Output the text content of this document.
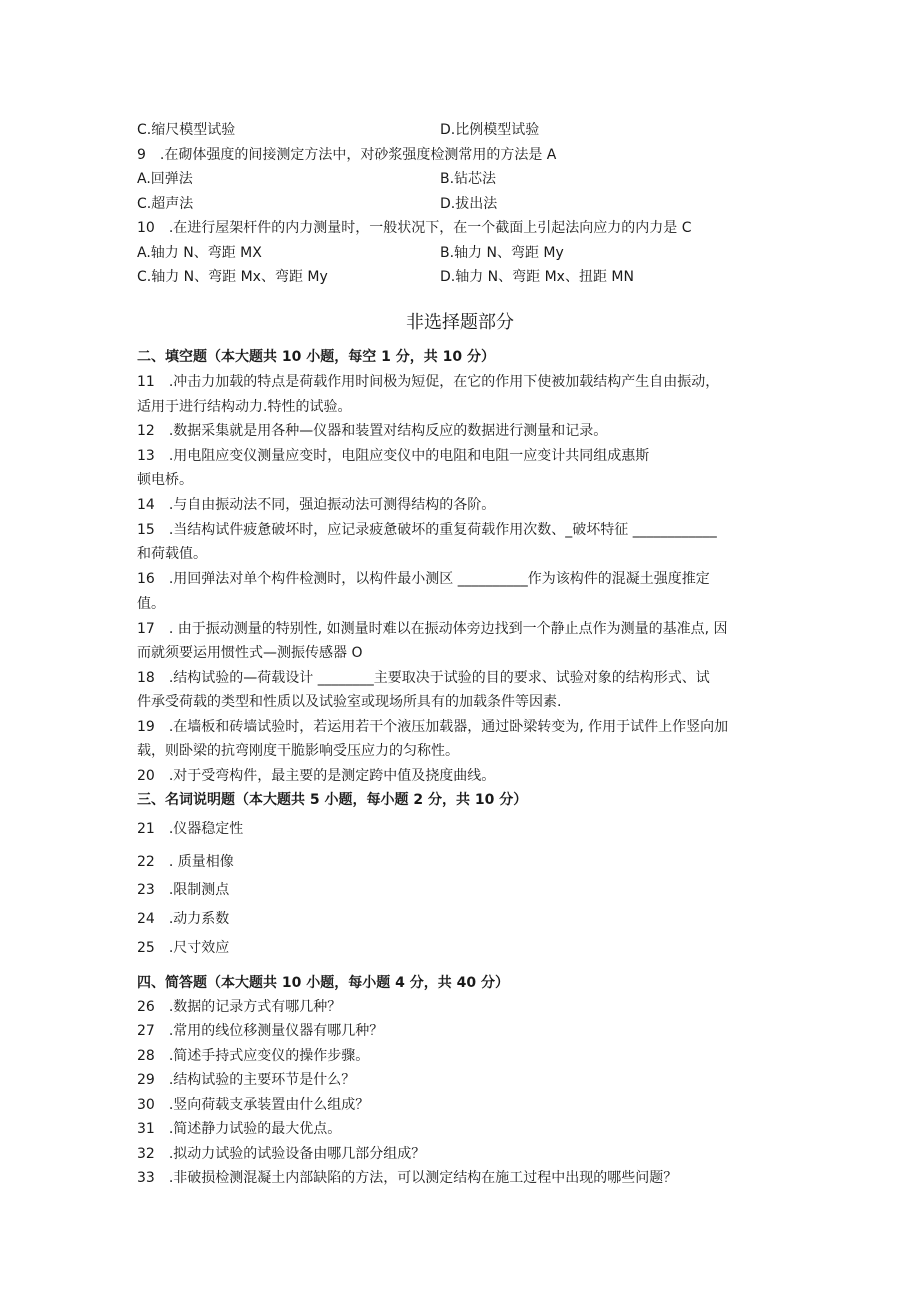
C.缩尺模型试验	D.比例模型试验
9　.在砌体强度的间接测定方法中，对砂浆强度检测常用的方法是 A
A.回弹法	B.钻芯法
C.超声法	D.拔出法
10　.在进行屋架杆件的内力测量时，一般状况下，在一个截面上引起法向应力的内力是 C
A.轴力 N、弯距 MX	B.轴力 N、弯距 My
C.轴力 N、弯距 Mx、弯距 My	D.轴力 N、弯距 Mx、扭距 MN
非选择题部分
二、填空题（本大题共 10 小题，每空 1 分，共 10 分）
11　.冲击力加载的特点是荷载作用时间极为短促，在它的作用下使被加载结构产生自由振动，
适用于进行结构动力.特性的试验。
12　.数据采集就是用各种—仪器和装置对结构反应的数据进行测量和记录。
13　.用电阻应变仪测量应变时，电阻应变仪中的电阻和电阻一应变计共同组成惠斯
顿电桥。
14　.与自由振动法不同，强迫振动法可测得结构的各阶。
15　.当结构试件疲惫破坏时，应记录疲惫破坏的重复荷载作用次数、_破坏特征 ____________
和荷载值。
16　.用回弹法对单个构件检测时，以构件最小测区 __________作为该构件的混凝土强度推定
值。
17　. 由于振动测量的特别性, 如测量时难以在振动体旁边找到一个静止点作为测量的基准点, 因
而就须要运用惯性式—测振传感器 O
18　.结构试验的—荷载设计 ________主要取决于试验的目的要求、试验对象的结构形式、试
件承受荷载的类型和性质以及试验室或现场所具有的加载条件等因素.
19　.在墙板和砖墙试验时，若运用若干个液压加载器，通过卧梁转变为, 作用于试件上作竖向加
载，则卧梁的抗弯刚度干脆影响受压应力的匀称性。
20　.对于受弯构件，最主要的是测定跨中值及挠度曲线。
三、名词说明题（本大题共 5 小题，每小题 2 分，共 10 分）
21　.仪器稳定性
22　. 质量相像
23　.限制测点
24　.动力系数
25　.尺寸效应
四、简答题（本大题共 10 小题，每小题 4 分，共 40 分）
26　.数据的记录方式有哪几种？
27　.常用的线位移测量仪器有哪几种？
28　.简述手持式应变仪的操作步骤。
29　.结构试验的主要环节是什么？
30　.竖向荷载支承装置由什么组成？
31　.简述静力试验的最大优点。
32　.拟动力试验的试验设备由哪几部分组成？
33　.非破损检测混凝土内部缺陷的方法，可以测定结构在施工过程中出现的哪些问题？
